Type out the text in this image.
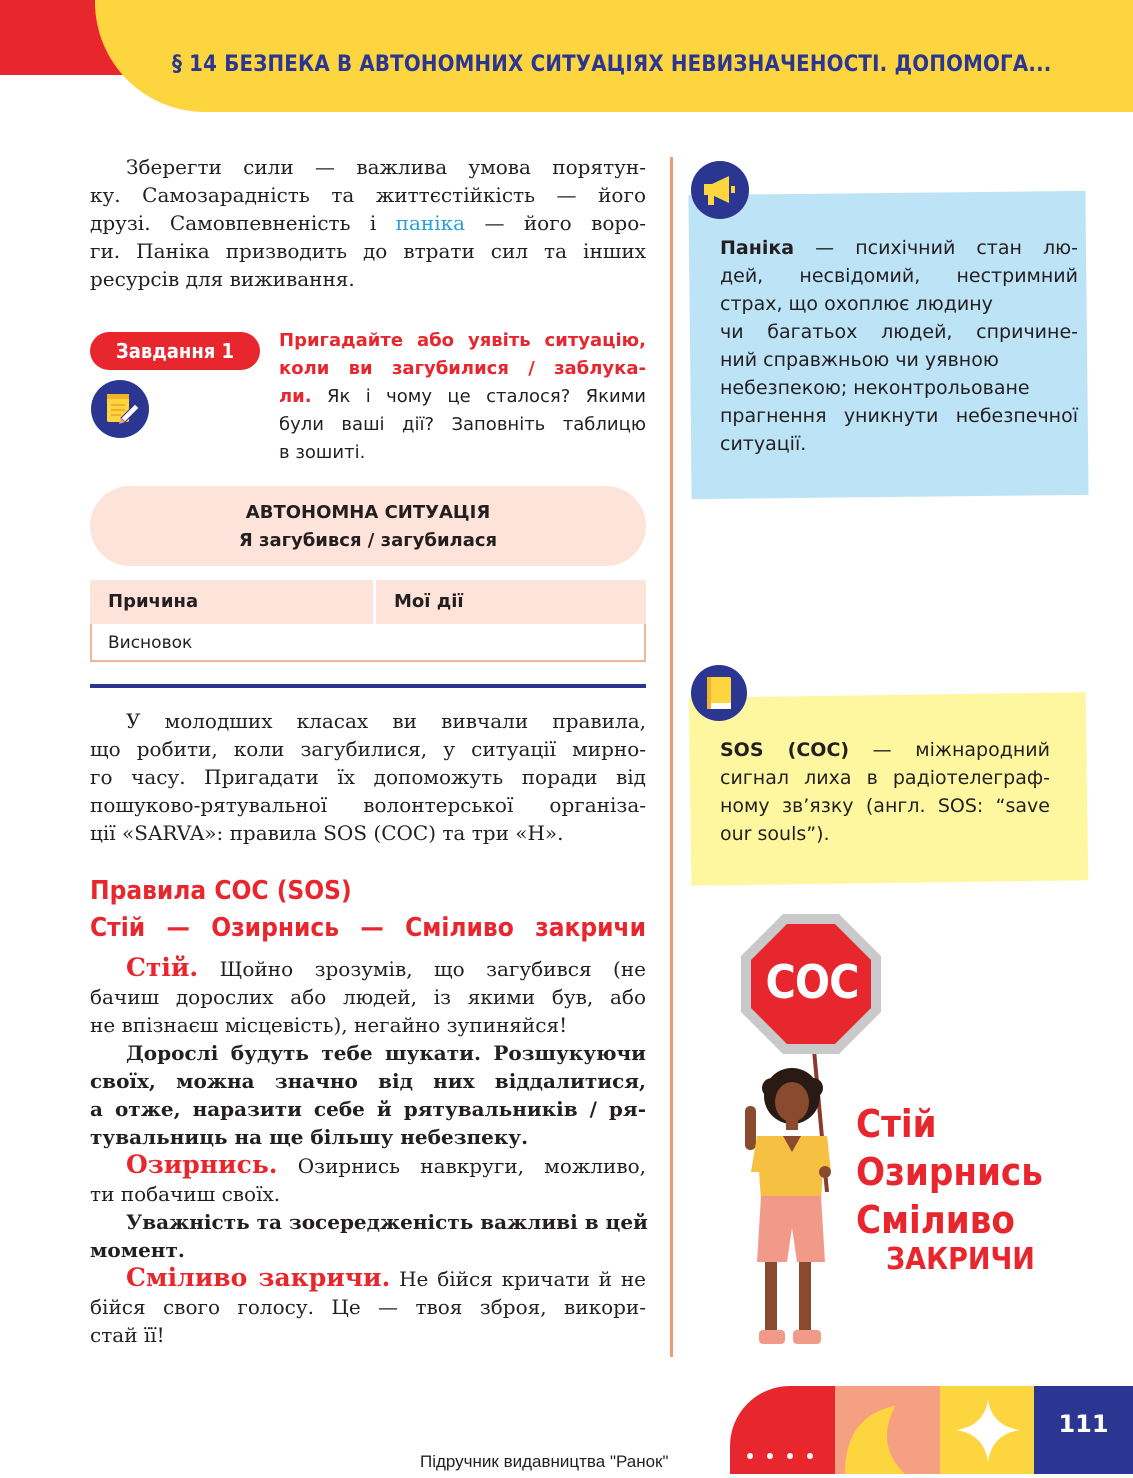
§ 14 БЕЗПЕКА В АВТОНОМНИХ СИТУАЦІЯХ НЕВИЗНАЧЕНОСТІ. ДОПОМОГА...
Зберегти сили — важлива умова порятун-
ку. Самозарадність та життєстійкість — його
друзі. Самовпевненість і паніка — його воро-
ги. Паніка призводить до втрати сил та інших
ресурсів для виживання.
Завдання 1	Пригадайте або уявіть ситуацію,
коли ви загубилися / заблука-
ли. Як і чому це сталося? Якими
були ваші дії? Заповніть таблицю
в зошиті.
АВТОНОМНА СИТУАЦІЯ
Я загубився / загубилася
Причина	Мої дії
Висновок
У молодших класах ви вивчали правила,
що робити, коли загубилися, у ситуації мирно-
го часу. Пригадати їх допоможуть поради від
пошуково-рятувальної волонтерської організа-
ції «SARVA»: правила SOS (СОС) та три «Н».
Правила СОС (SOS)
Стій — Озирнись — Сміливо закричи
Стій. Щойно зрозумів, що загубився (не
бачиш дорослих або людей, із якими був, або
не впізнаєш місцевість), негайно зупиняйся!
Дорослі будуть тебе шукати. Розшукуючи
своїх, можна значно від них віддалитися,
а отже, наразити себе й рятувальників / ря-
тувальниць на ще більшу небезпеку.
Озирнись. Озирнись навкруги, можливо,
ти побачиш своїх.
Уважність та зосередженість важливі в цей
момент.
Сміливо закричи. Не бійся кричати й не
бійся свого голосу. Це — твоя зброя, викори-
стай її!
Паніка — психічний стан лю-
дей, несвідомий, нестримний
страх, що охоплює людину
чи багатьох людей, спричине-
ний справжньою чи уявною
небезпекою; неконтрольоване
прагнення уникнути небезпечної
ситуації.
SOS (СОС) — міжнародний
сигнал лиха в радіотелеграф-
ному зв’язку (англ. SOS: “save
our souls”).
СОС
Стій
Озирнись
Сміливо
ЗАКРИЧИ
111
Підручник видавництва "Ранок"
